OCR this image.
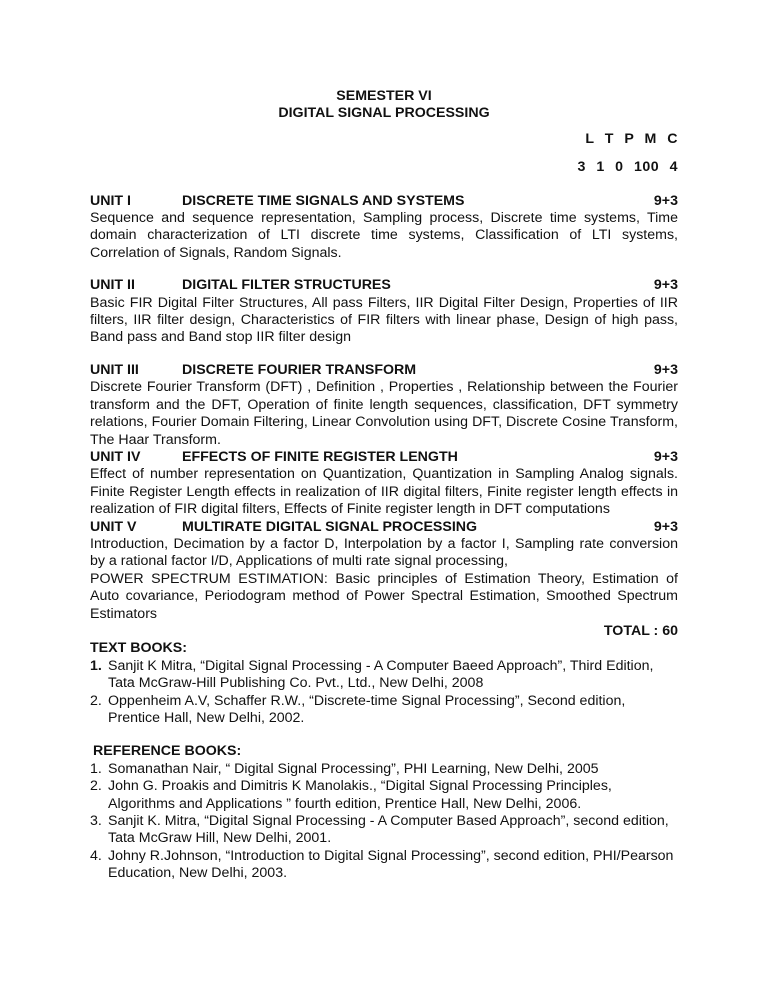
SEMESTER VI
DIGITAL SIGNAL PROCESSING
L T P M C
3 1 0 100 4
UNIT I	DISCRETE TIME SIGNALS AND SYSTEMS	9+3
Sequence and sequence representation, Sampling process, Discrete time systems, Time domain characterization of LTI discrete time systems, Classification of LTI systems, Correlation of Signals, Random Signals.
UNIT II	DIGITAL FILTER STRUCTURES	9+3
Basic FIR Digital Filter Structures, All pass Filters, IIR Digital Filter Design, Properties of IIR filters, IIR filter design, Characteristics of FIR filters with linear phase, Design of high pass, Band pass and Band stop IIR filter design
UNIT III	DISCRETE FOURIER TRANSFORM	9+3
Discrete Fourier Transform (DFT) , Definition , Properties , Relationship between the Fourier transform and the DFT, Operation of finite length sequences, classification, DFT symmetry relations, Fourier Domain Filtering, Linear Convolution using DFT, Discrete Cosine Transform, The Haar Transform.
UNIT IV	EFFECTS OF FINITE REGISTER LENGTH	9+3
Effect of number representation on Quantization, Quantization in Sampling Analog signals. Finite Register Length effects in realization of IIR digital filters, Finite register length effects in realization of FIR digital filters, Effects of Finite register length in DFT computations
UNIT V	MULTIRATE DIGITAL SIGNAL PROCESSING	9+3
Introduction, Decimation by a factor D, Interpolation by a factor I, Sampling rate conversion by a rational factor I/D, Applications of multi rate signal processing,
POWER SPECTRUM ESTIMATION: Basic principles of Estimation Theory, Estimation of Auto covariance, Periodogram method of Power Spectral Estimation, Smoothed Spectrum Estimators
TOTAL : 60
TEXT BOOKS:
1. Sanjit K Mitra, “Digital Signal Processing - A Computer Baeed Approach”, Third Edition, Tata McGraw-Hill Publishing Co. Pvt., Ltd., New Delhi, 2008
2. Oppenheim A.V, Schaffer R.W., “Discrete-time Signal Processing”, Second edition, Prentice Hall, New Delhi, 2002.
REFERENCE BOOKS:
1. Somanathan Nair, “ Digital Signal Processing”, PHI Learning, New Delhi, 2005
2. John G. Proakis and Dimitris K Manolakis., “Digital Signal Processing Principles, Algorithms and Applications ” fourth edition, Prentice Hall, New Delhi, 2006.
3. Sanjit K. Mitra, “Digital Signal Processing - A Computer Based Approach”, second edition, Tata McGraw Hill, New Delhi, 2001.
4. Johny R.Johnson, “Introduction to Digital Signal Processing”, second edition, PHI/Pearson Education, New Delhi, 2003.
